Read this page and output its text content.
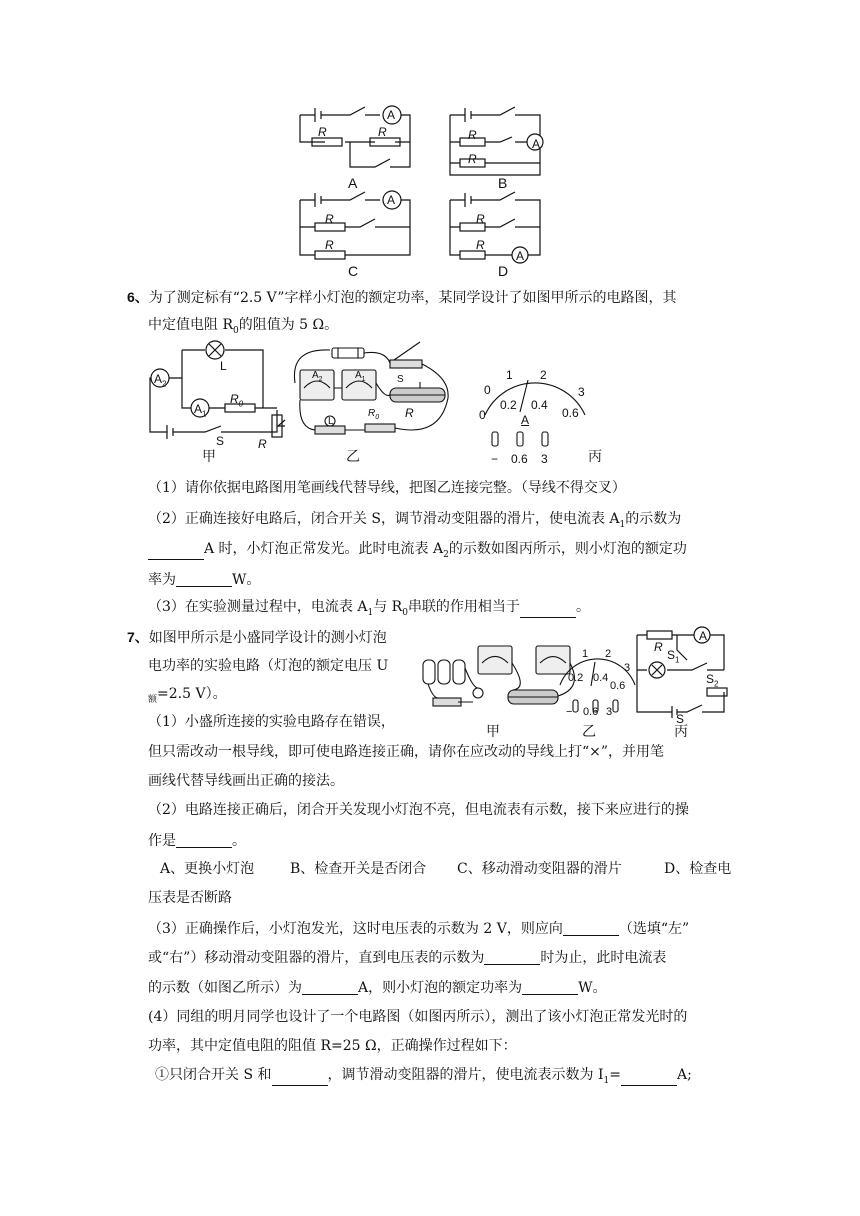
A
R	R
A
A
R
R
B
A
R
R
C
R
R
A
D
6、为了测定标有“2.5 V”字样小灯泡的额定功率，某同学设计了如图甲所示的电路图，其
中定值电阻 $R_0$的阻值为 5 Ω。
$A_2$
$A_1$
L
$R_0$
S	R
甲
$A_2$	$A_1$	S
R
L
$R_0$
乙
0
0.2 0.4
0.6
0
1 2
3
A
− 0.6 3	丙
（1）请你依据电路图用笔画线代替导线，把图乙连接完整。（导线不得交叉）
（2）正确连接好电路后，闭合开关 S，调节滑动变阻器的滑片，使电流表 $A_1$的示数为
A 时，小灯泡正常发光。此时电流表 $A_2$的示数如图丙所示，则小灯泡的额定功
率为	W。
（3）在实验测量过程中，电流表 $A_1$与 $R_0$串联的作用相当于	。
7、如图甲所示是小盛同学设计的测小灯泡
电功率的实验电路（灯泡的额定电压 U
$_额$=2.5 V）。
（1）小盛所连接的实验电路存在错误，
甲
0.2 0.4
0.6
1 2
3
− 0.6 3
乙
A
R
$S_1$
$S_2$
S
丙
但只需改动一根导线，即可使电路连接正确，请你在应改动的导线上打“×”，并用笔
画线代替导线画出正确的接法。
（2）电路连接正确后，闭合开关发现小灯泡不亮，但电流表有示数，接下来应进行的操
作是	。
A、更换小灯泡	B、检查开关是否闭合 C、移动滑动变阻器的滑片	D、检查电
压表是否断路
（3）正确操作后，小灯泡发光，这时电压表的示数为 2 V，则应向	（选填“左”
或“右”）移动滑动变阻器的滑片，直到电压表的示数为	时为止，此时电流表
的示数（如图乙所示）为	A，则小灯泡的额定功率为	W。
(4）同组的明月同学也设计了一个电路图（如图丙所示），测出了该小灯泡正常发光时的
功率，其中定值电阻的阻值 R=25 Ω，正确操作过程如下：
①只闭合开关 S 和	，调节滑动变阻器的滑片，使电流表示数为 $I_1=$	A;
